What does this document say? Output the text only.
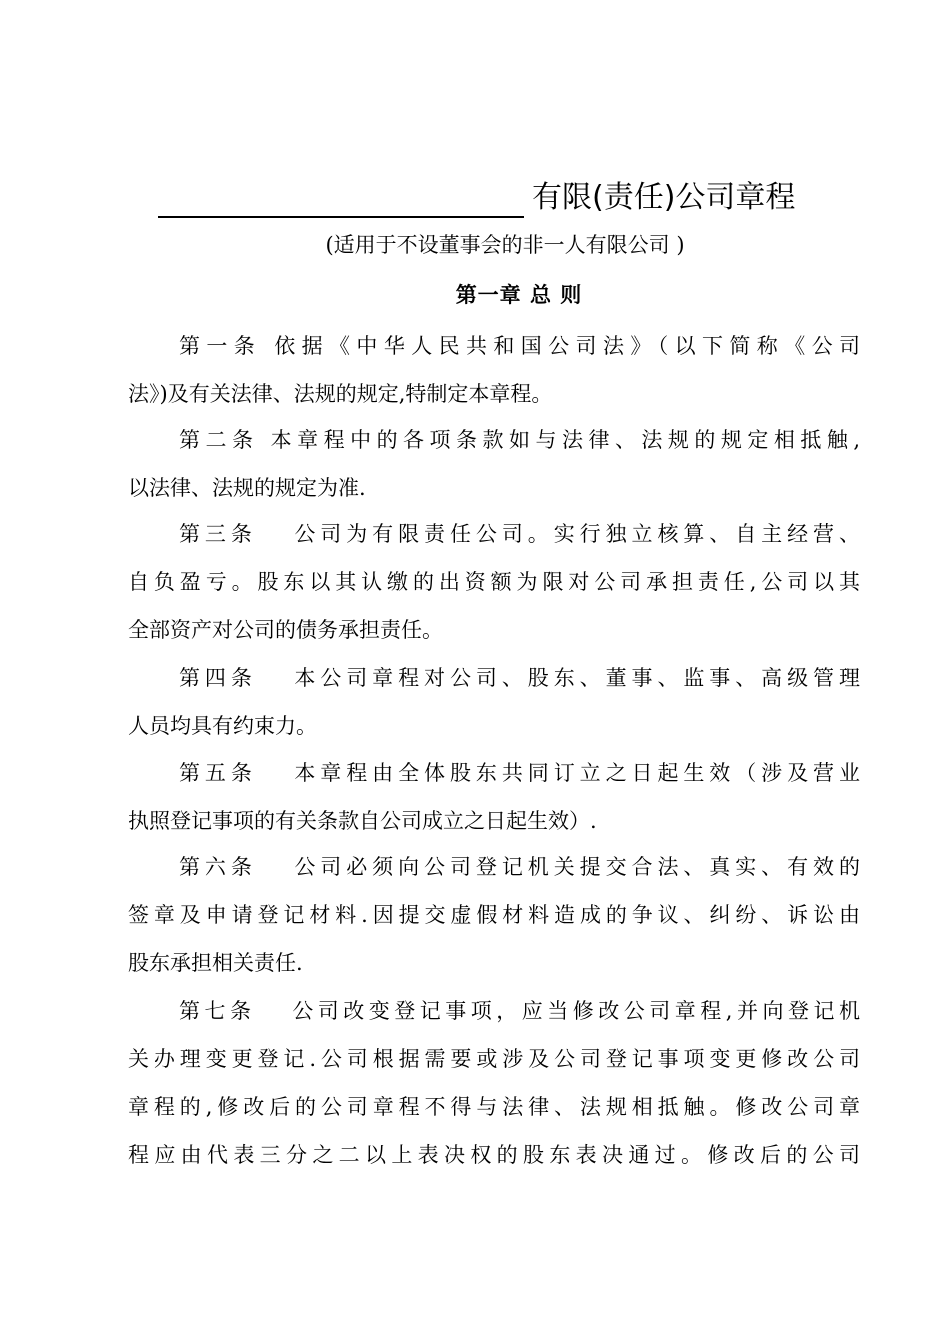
有限(责任)公司章程
(适用于不设董事会的非一人有限公司 )
第一章 总 则
第一条 依据《中华人民共和国公司法》（以下简称《公司
法》)及有关法律、法规的规定,特制定本章程。
第二条 本章程中的各项条款如与法律、法规的规定相抵触,
以法律、法规的规定为准.
第三条　 公司为有限责任公司。实行独立核算、自主经营、
自负盈亏。股东以其认缴的出资额为限对公司承担责任,公司以其
全部资产对公司的债务承担责任。
第四条　 本公司章程对公司、股东、董事、监事、高级管理
人员均具有约束力。
第五条　 本章程由全体股东共同订立之日起生效（涉及营业
执照登记事项的有关条款自公司成立之日起生效）.
第六条　 公司必须向公司登记机关提交合法、真实、有效的
签章及申请登记材料.因提交虚假材料造成的争议、纠纷、诉讼由
股东承担相关责任.
第七条　 公司改变登记事项，应当修改公司章程,并向登记机
关办理变更登记.公司根据需要或涉及公司登记事项变更修改公司
章程的,修改后的公司章程不得与法律、法规相抵触。修改公司章
程应由代表三分之二以上表决权的股东表决通过。修改后的公司
